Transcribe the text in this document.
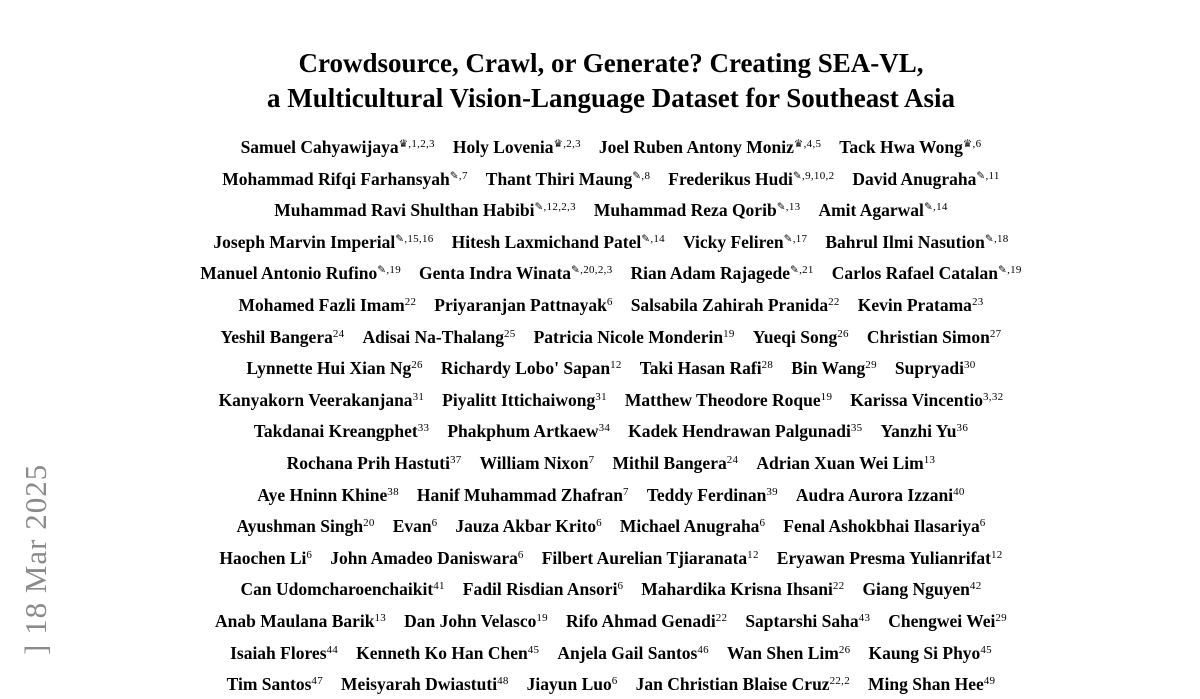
] 18 Mar 2025
Crowdsource, Crawl, or Generate? Creating SEA-VL,
a Multicultural Vision-Language Dataset for Southeast Asia
Samuel Cahyawijaya$^{♛,1,2,3}$ Holy Lovenia$^{♛,2,3}$ Joel Ruben Antony Moniz$^{♛,4,5}$ Tack Hwa Wong$^{♛,6}$
Mohammad Rifqi Farhansyah$^{✎,7}$ Thant Thiri Maung$^{✎,8}$ Frederikus Hudi$^{✎,9,10,2}$ David Anugraha$^{✎,11}$
Muhammad Ravi Shulthan Habibi$^{✎,12,2,3}$ Muhammad Reza Qorib$^{✎,13}$ Amit Agarwal$^{✎,14}$
Joseph Marvin Imperial$^{✎,15,16}$ Hitesh Laxmichand Patel$^{✎,14}$ Vicky Feliren$^{✎,17}$ Bahrul Ilmi Nasution$^{✎,18}$
Manuel Antonio Rufino$^{✎,19}$ Genta Indra Winata$^{✎,20,2,3}$ Rian Adam Rajagede$^{✎,21}$ Carlos Rafael Catalan$^{✎,19}$
Mohamed Fazli Imam$^{22}$ Priyaranjan Pattnayak$^6$ Salsabila Zahirah Pranida$^{22}$ Kevin Pratama$^{23}$
Yeshil Bangera$^{24}$ Adisai Na-Thalang$^{25}$ Patricia Nicole Monderin$^{19}$ Yueqi Song$^{26}$ Christian Simon$^{27}$
Lynnette Hui Xian Ng$^{26}$ Richardy Lobo' Sapan$^{12}$ Taki Hasan Rafi$^{28}$ Bin Wang$^{29}$ Supryadi$^{30}$
Kanyakorn Veerakanjana$^{31}$ Piyalitt Ittichaiwong$^{31}$ Matthew Theodore Roque$^{19}$ Karissa Vincentio$^{3,32}$
Takdanai Kreangphet$^{33}$ Phakphum Artkaew$^{34}$ Kadek Hendrawan Palgunadi$^{35}$ Yanzhi Yu$^{36}$
Rochana Prih Hastuti$^{37}$ William Nixon$^7$ Mithil Bangera$^{24}$ Adrian Xuan Wei Lim$^{13}$
Aye Hninn Khine$^{38}$ Hanif Muhammad Zhafran$^7$ Teddy Ferdinan$^{39}$ Audra Aurora Izzani$^{40}$
Ayushman Singh$^{20}$ Evan$^6$ Jauza Akbar Krito$^6$ Michael Anugraha$^6$ Fenal Ashokbhai Ilasariya$^6$
Haochen Li$^6$ John Amadeo Daniswara$^6$ Filbert Aurelian Tjiaranata$^{12}$ Eryawan Presma Yulianrifat$^{12}$
Can Udomcharoenchaikit$^{41}$ Fadil Risdian Ansori$^6$ Mahardika Krisna Ihsani$^{22}$ Giang Nguyen$^{42}$
Anab Maulana Barik$^{13}$ Dan John Velasco$^{19}$ Rifo Ahmad Genadi$^{22}$ Saptarshi Saha$^{43}$ Chengwei Wei$^{29}$
Isaiah Flores$^{44}$ Kenneth Ko Han Chen$^{45}$ Anjela Gail Santos$^{46}$ Wan Shen Lim$^{26}$ Kaung Si Phyo$^{45}$
Tim Santos$^{47}$ Meisyarah Dwiastuti$^{48}$ Jiayun Luo$^6$ Jan Christian Blaise Cruz$^{22,2}$ Ming Shan Hee$^{49}$
